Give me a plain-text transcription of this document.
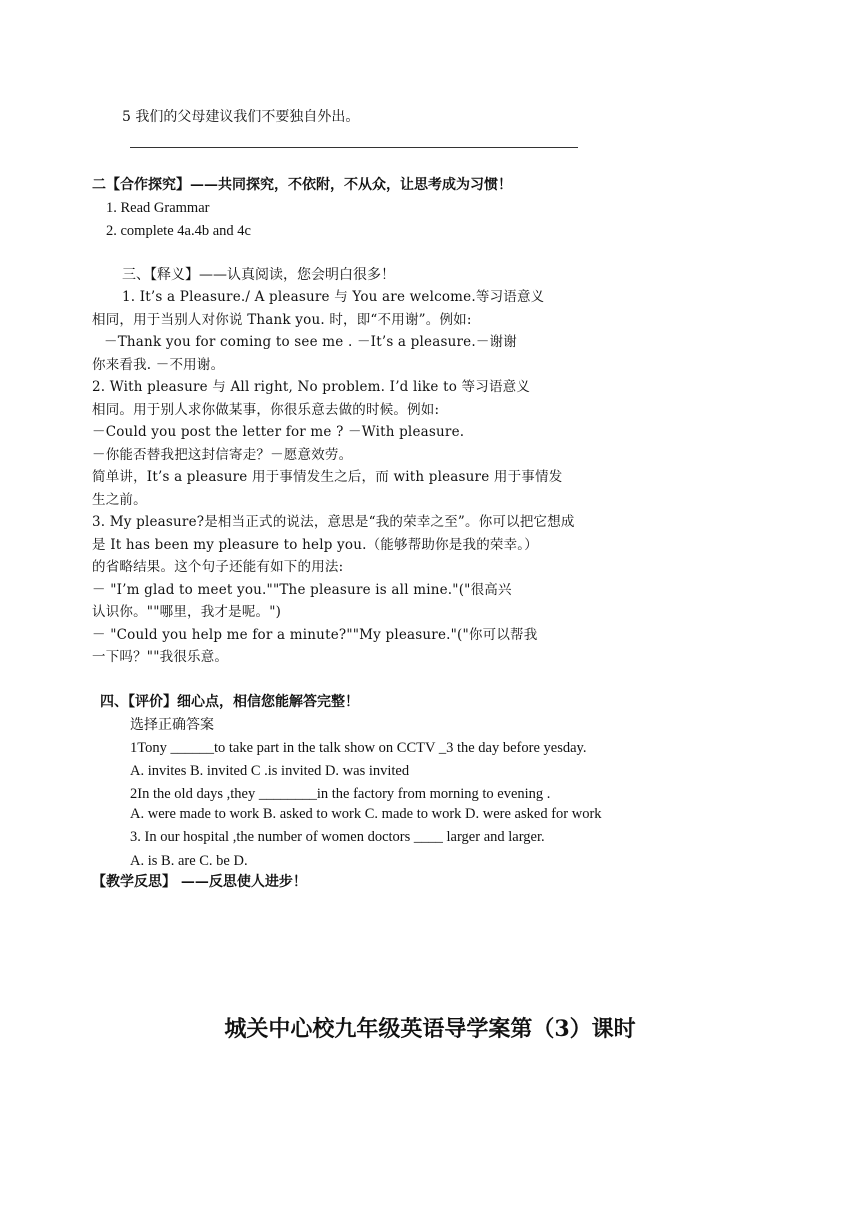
5 我们的父母建议我们不要独自外出。
二【合作探究】——共同探究，不依附，不从众，让思考成为习惯！
1. Read Grammar
2. complete 4a.4b and 4c
三、【释义】——认真阅读，您会明白很多！
1. It’s a Pleasure./ A pleasure 与 You are welcome.等习语意义
相同，用于当别人对你说 Thank you. 时，即“不用谢”。例如:
－Thank you for coming to see me . －It’s a pleasure.－谢谢
你来看我. －不用谢。
2. With pleasure 与 All right, No problem. I’d like to 等习语意义
相同。用于别人求你做某事，你很乐意去做的时候。例如:
－Could you post the letter for me ? －With pleasure.
－你能否替我把这封信寄走？－愿意效劳。
简单讲，It’s a pleasure 用于事情发生之后，而 with pleasure 用于事情发
生之前。
3. My pleasure?是相当正式的说法，意思是“我的荣幸之至”。你可以把它想成
是 It has been my pleasure to help you.（能够帮助你是我的荣幸。）
的省略结果。这个句子还能有如下的用法:
－ "I’m glad to meet you.""The pleasure is all mine."("很高兴
认识你。""哪里，我才是呢。")
－ "Could you help me for a minute?""My pleasure."("你可以帮我
一下吗？""我很乐意。
四、【评价】细心点，相信您能解答完整！
选择正确答案
1Tony ______to take part in the talk show on CCTV _3 the day before yesday.
A. invites B. invited C .is invited D. was invited
2In the old days ,they ________in the factory from morning to evening .
A. were made to work B. asked to work C. made to work D. were asked for work
3. In our hospital ,the number of women doctors ____ larger and larger.
A. is B. are C. be D.
【教学反思】 ——反思使人进步！
城关中心校九年级英语导学案第（3）课时
